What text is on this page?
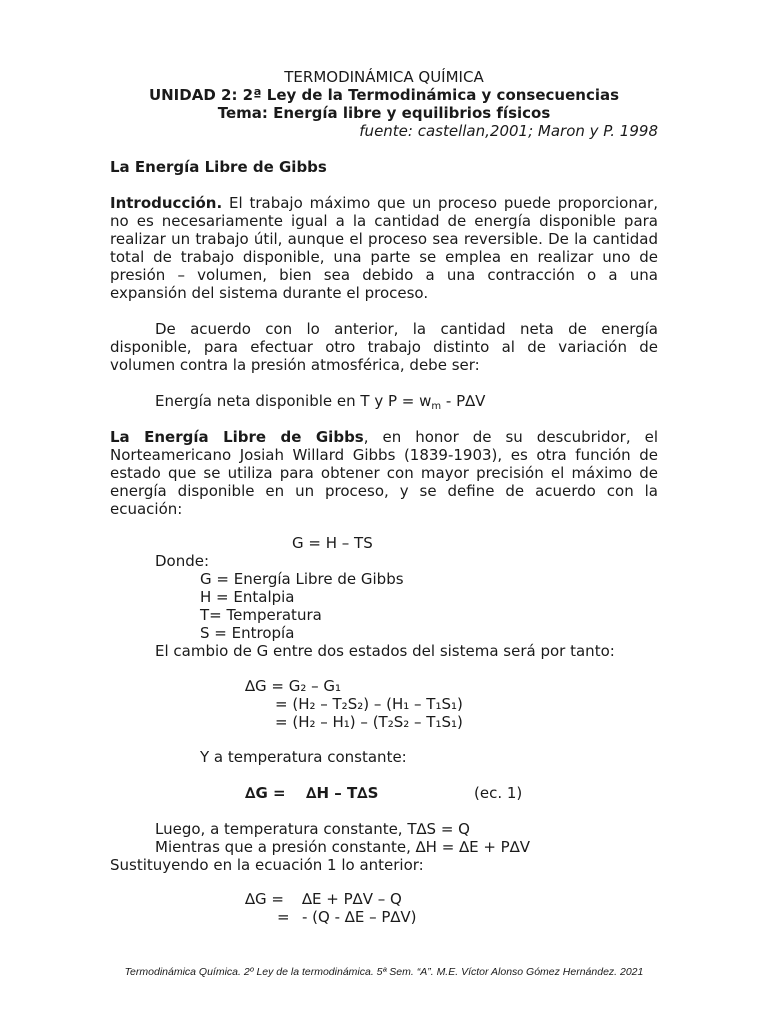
TERMODINÁMICA QUÍMICA
UNIDAD 2: 2ª Ley de la Termodinámica y consecuencias
Tema: Energía libre y equilibrios físicos
fuente: castellan,2001; Maron y P. 1998
La Energía Libre de Gibbs
Introducción. El trabajo máximo que un proceso puede proporcionar,
no es necesariamente igual a la cantidad de energía disponible para
realizar un trabajo útil, aunque el proceso sea reversible. De la cantidad
total de trabajo disponible, una parte se emplea en realizar uno de
presión – volumen, bien sea debido a una contracción o a una
expansión del sistema durante el proceso.
De acuerdo con lo anterior, la cantidad neta de energía
disponible, para efectuar otro trabajo distinto al de variación de
volumen contra la presión atmosférica, debe ser:
Energía neta disponible en T y $P = w_m - P\Delta V$
La Energía Libre de Gibbs, en honor de su descubridor, el
Norteamericano Josiah Willard Gibbs (1839-1903), es otra función de
estado que se utiliza para obtener con mayor precisión el máximo de
energía disponible en un proceso, y se define de acuerdo con la
ecuación:
G = H – TS
Donde:
G = Energía Libre de Gibbs
H = Entalpia
T= Temperatura
S = Entropía
El cambio de G entre dos estados del sistema será por tanto:
∆G = G₂ – G₁
= (H₂ – T₂S₂) – (H₁ – T₁S₁)
= (H₂ – H₁) – (T₂S₂ – T₁S₁)
Y a temperatura constante:
∆G = ∆H – T∆S	(ec. 1)
Luego, a temperatura constante, T∆S = Q
Mientras que a presión constante, ∆H = ∆E + P∆V
Sustituyendo en la ecuación 1 lo anterior:
∆G = ∆E + P∆V – Q
= - (Q - ∆E – P∆V)
Termodinámica Química. 2º Ley de la termodinámica. 5ª Sem. “A”. M.E. Víctor Alonso Gómez Hernández. 2021
